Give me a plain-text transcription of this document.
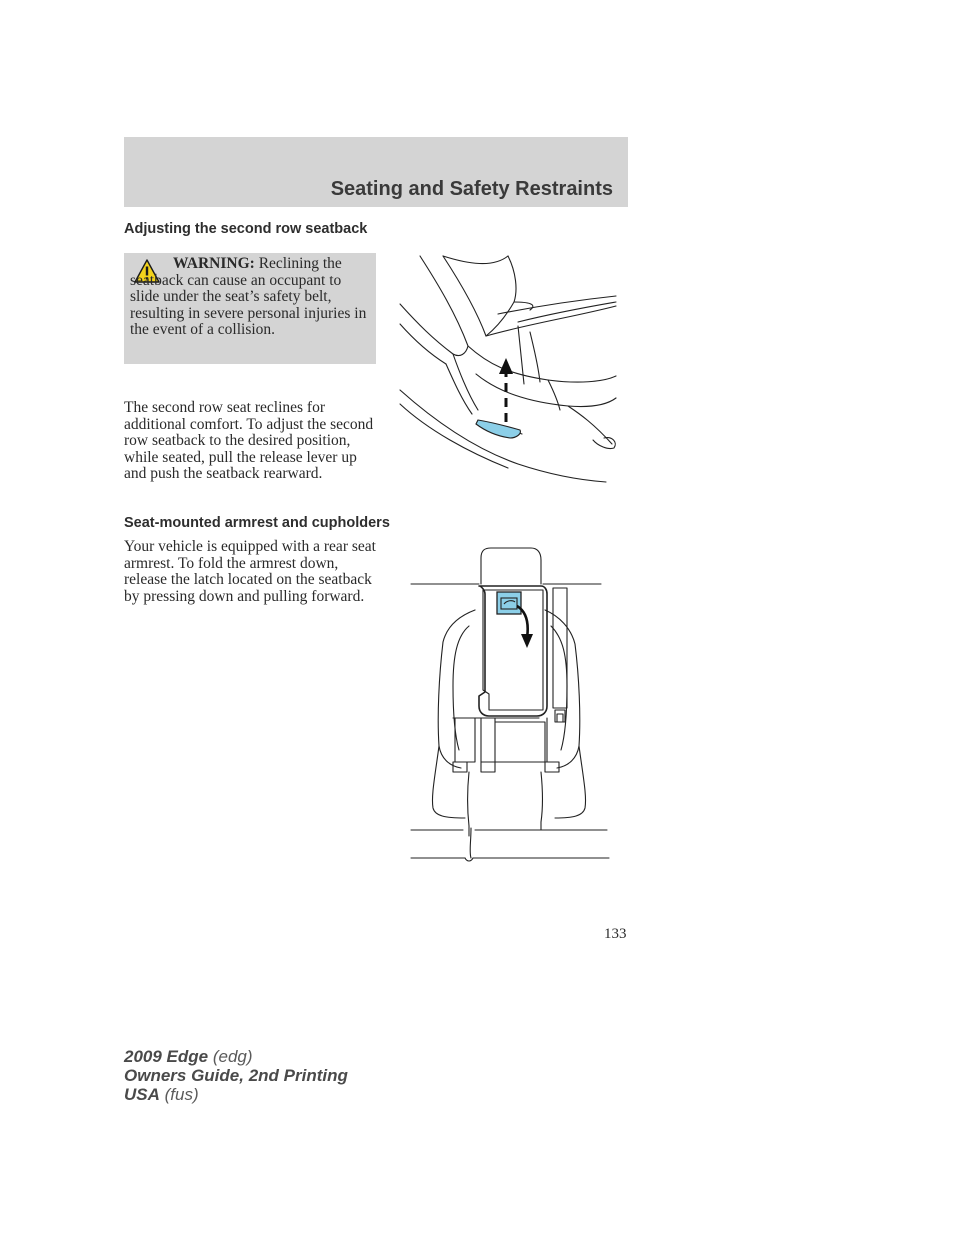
Seating and Safety Restraints
Adjusting the second row seatback
WARNING: Reclining the seatback can cause an occupant to slide under the seat’s safety belt, resulting in severe personal injuries in the event of a collision.
The second row seat reclines for additional comfort. To adjust the second row seatback to the desired position, while seated, pull the release lever up and push the seatback rearward.
Seat-mounted armrest and cupholders
Your vehicle is equipped with a rear seat armrest. To fold the armrest down, release the latch located on the seatback by pressing down and pulling forward.
133
2009 Edge (edg)
Owners Guide, 2nd Printing
USA (fus)
